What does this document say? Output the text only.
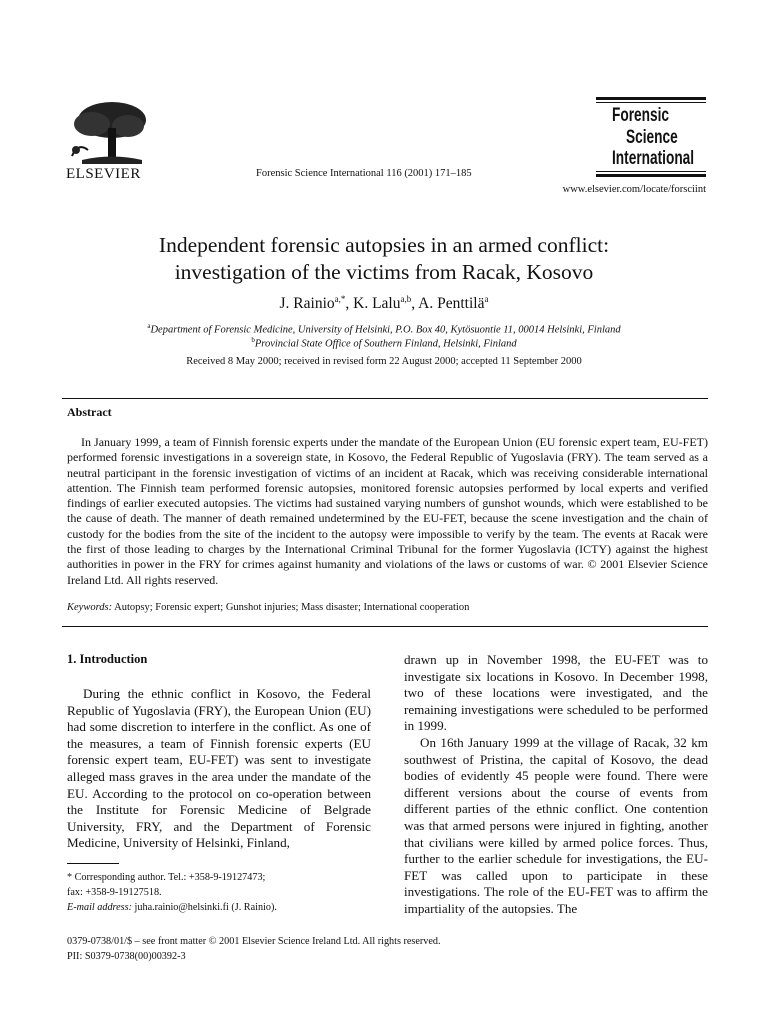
ELSEVIER	Forensic Science International 116 (2001) 171–185
Forensic
Science
International
www.elsevier.com/locate/forsciint
Independent forensic autopsies in an armed conflict:
investigation of the victims from Racak, Kosovo
J. Rainio$^{a,*}$, K. Lalu$^{a,b}$, A. Penttilä$^a$
$^a$Department of Forensic Medicine, University of Helsinki, P.O. Box 40, Kytösuontie 11, 00014 Helsinki, Finland
$^b$Provincial State Office of Southern Finland, Helsinki, Finland
Received 8 May 2000; received in revised form 22 August 2000; accepted 11 September 2000
Abstract
In January 1999, a team of Finnish forensic experts under the mandate of the European Union (EU forensic expert team, EU-FET) performed forensic investigations in a sovereign state, in Kosovo, the Federal Republic of Yugoslavia (FRY). The team served as a neutral participant in the forensic investigation of victims of an incident at Racak, which was receiving considerable international attention. The Finnish team performed forensic autopsies, monitored forensic autopsies performed by local experts and verified findings of earlier executed autopsies. The victims had sustained varying numbers of gunshot wounds, which were established to be the cause of death. The manner of death remained undetermined by the EU-FET, because the scene investigation and the chain of custody for the bodies from the site of the incident to the autopsy were impossible to verify by the team. The events at Racak were the first of those leading to charges by the International Criminal Tribunal for the former Yugoslavia (ICTY) against the highest authorities in power in the FRY for crimes against humanity and violations of the laws or customs of war. © 2001 Elsevier Science Ireland Ltd. All rights reserved.
Keywords: Autopsy; Forensic expert; Gunshot injuries; Mass disaster; International cooperation
1. Introduction

During the ethnic conflict in Kosovo, the Federal Republic of Yugoslavia (FRY), the European Union (EU) had some discretion to interfere in the conflict. As one of the measures, a team of Finnish forensic experts (EU forensic expert team, EU-FET) was sent to investigate alleged mass graves in the area under the mandate of the EU. According to the protocol on co-operation between the Institute for Forensic Medicine of Belgrade University, FRY, and the Department of Forensic Medicine, University of Helsinki, Finland,

drawn up in November 1998, the EU-FET was to investigate six locations in Kosovo. In December 1998, two of these locations were investigated, and the remaining investigations were scheduled to be performed in 1999.

On 16th January 1999 at the village of Racak, 32 km southwest of Pristina, the capital of Kosovo, the dead bodies of evidently 45 people were found. There were different versions about the course of events from different parties of the ethnic conflict. One contention was that armed persons were injured in fighting, another that civilians were killed by armed police forces. Thus, further to the earlier schedule for investigations, the EU-FET was called upon to participate in these investigations. The role of the EU-FET was to affirm the impartiality of the autopsies. The

* Corresponding author. Tel.: +358-9-19127473;
fax: +358-9-19127518.
E-mail address: juha.rainio@helsinki.fi (J. Rainio).
0379-0738/01/$ – see front matter © 2001 Elsevier Science Ireland Ltd. All rights reserved.
PII: S0379-0738(00)00392-3
